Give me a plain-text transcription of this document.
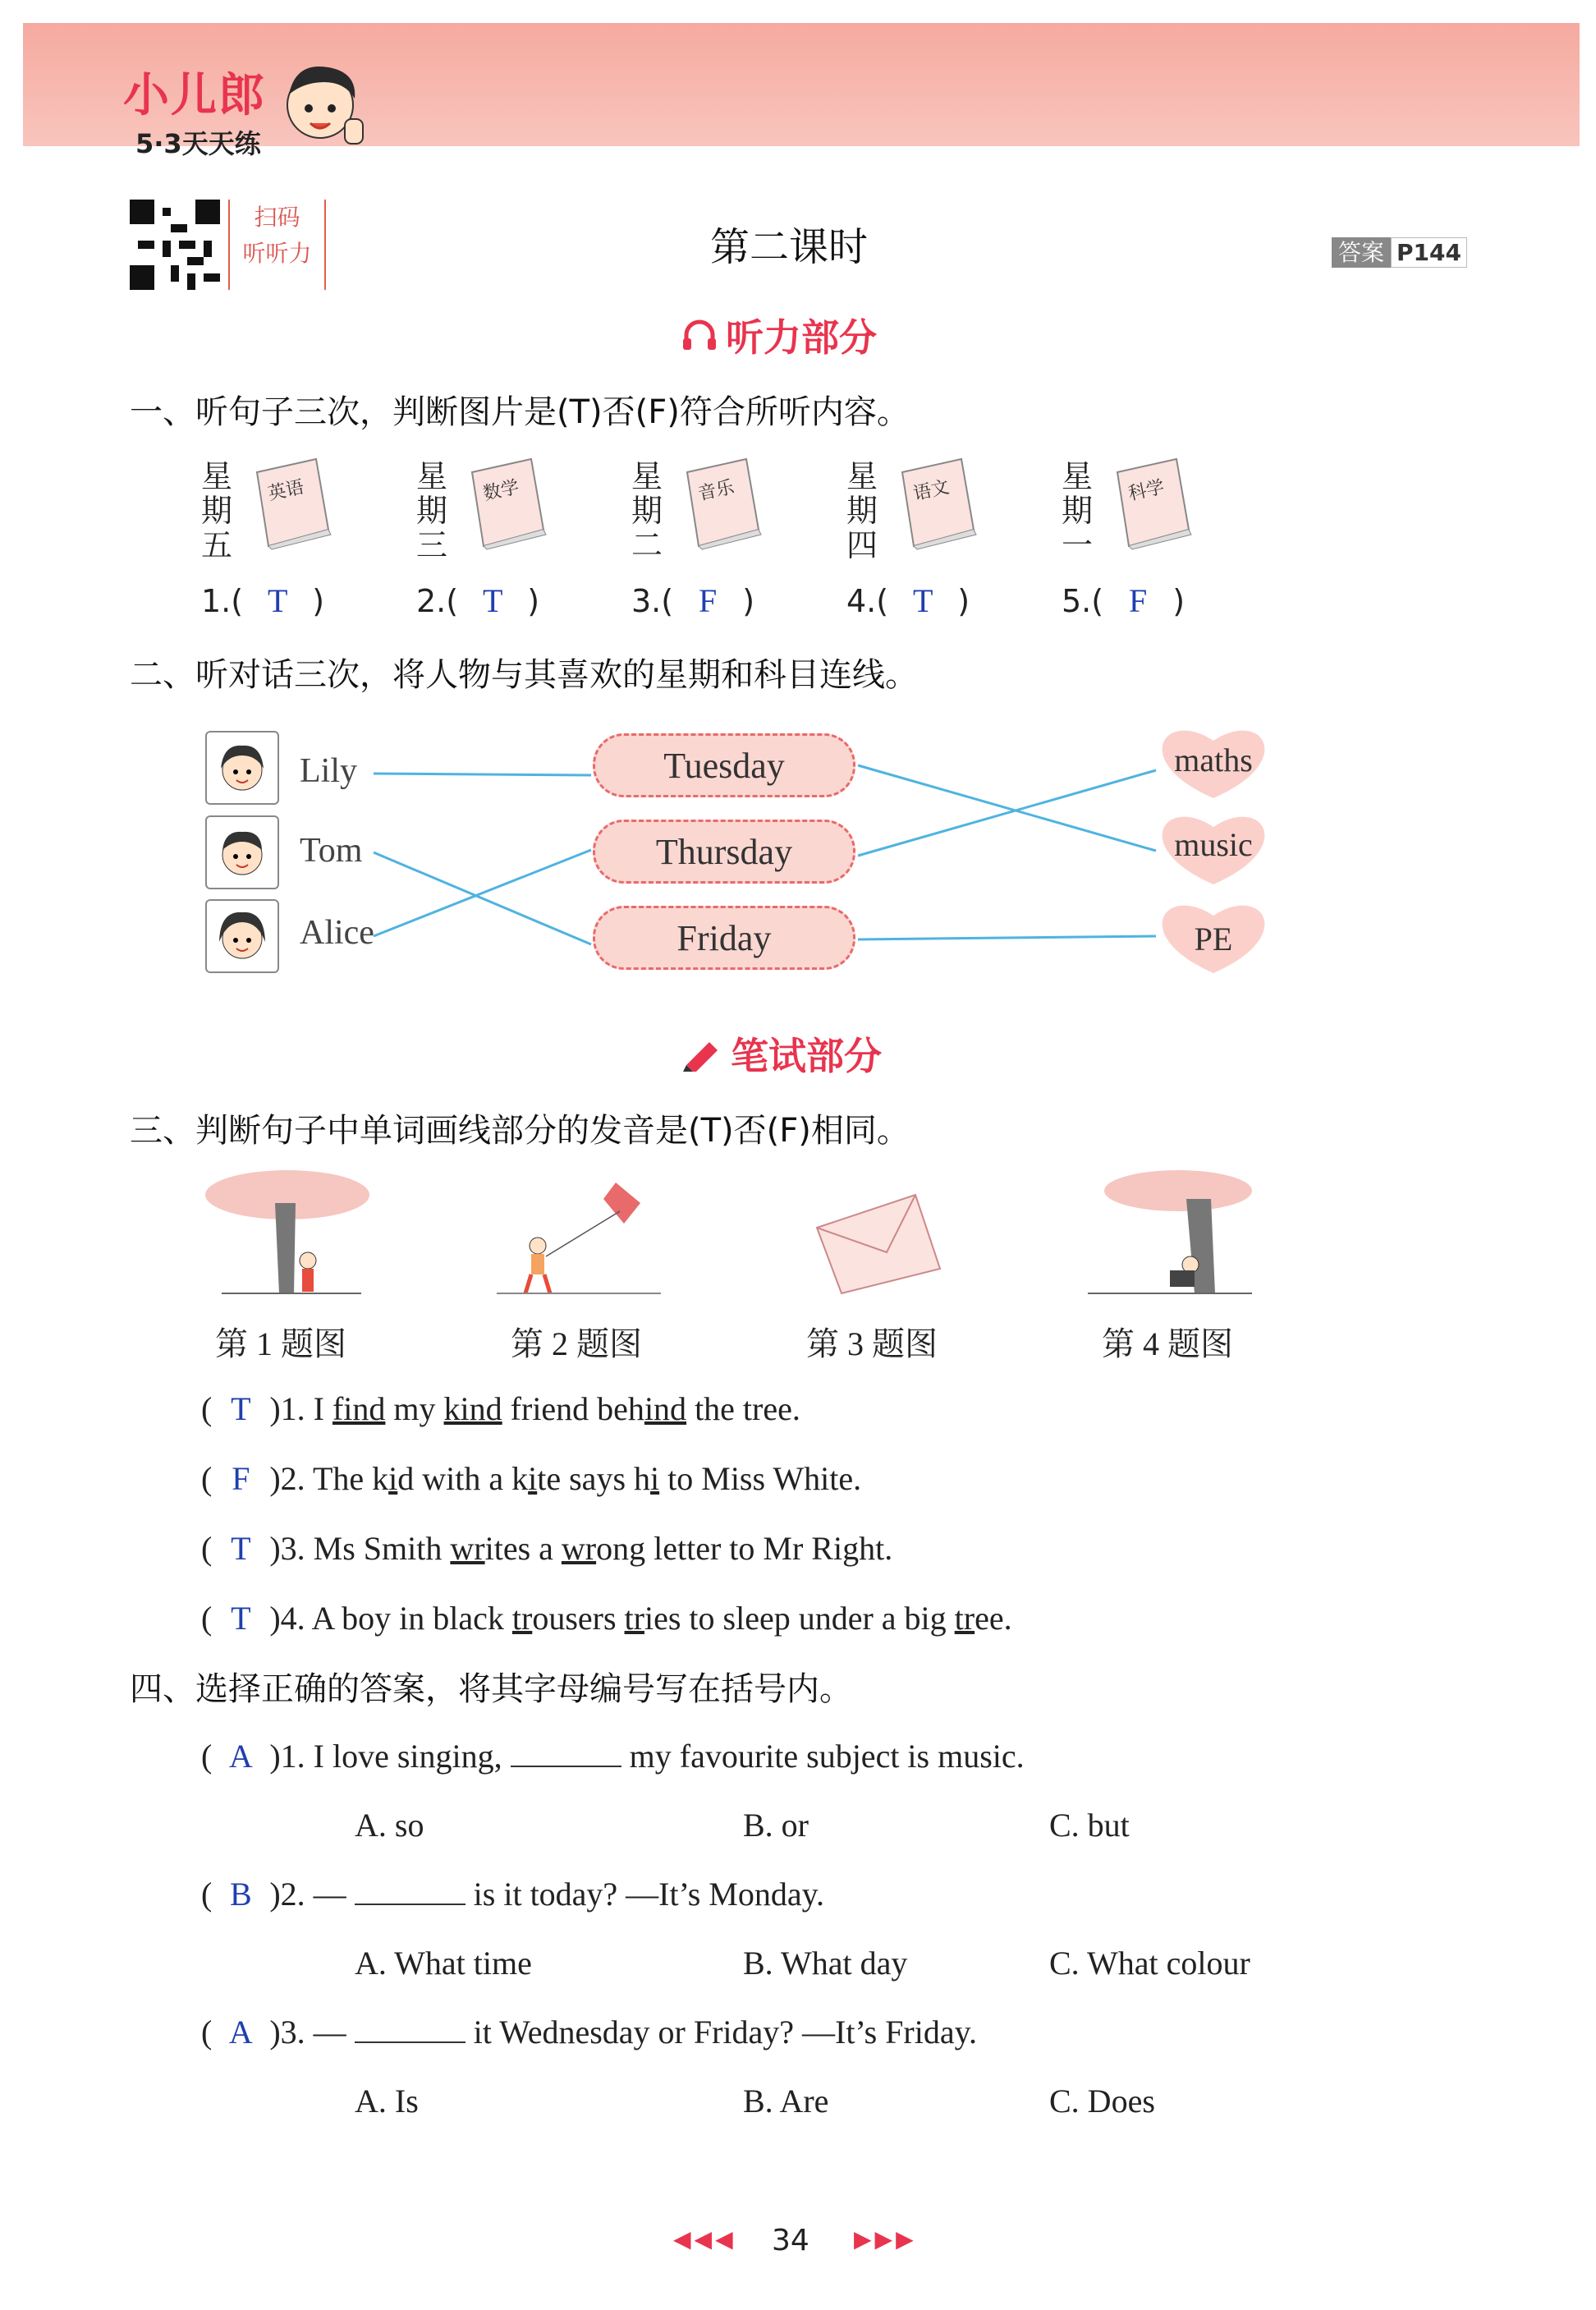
小儿郎
5·3天天练
扫码
听听力	第二课时	答案 P144
听力部分
一、听句子三次，判断图片是(T)否(F)符合所听内容。
星
期
五
英语
1.( T )
星
期
三
数学
2.( T )
星
期
二
音乐
3.( F )
星
期
四
语文
4.( T )
星
期
一
科学
5.( F )
二、听对话三次，将人物与其喜欢的星期和科目连线。
Lily
Tom
Alice
Tuesday
Thursday
Friday
maths
music
PE
笔试部分
三、判断句子中单词画线部分的发音是(T)否(F)相同。
第 1 题图	第 2 题图	第 3 题图	第 4 题图
( T )1. I find my kind friend behind the tree.
( F )2. The kid with a kite says hi to Miss White.
( T )3. Ms Smith writes a wrong letter to Mr Right.
( T )4. A boy in black trousers tries to sleep under a big tree.
四、选择正确的答案，将其字母编号写在括号内。
( A )1. I love singing,	my favourite subject is music.
A. so	B. or	C. but
( B )2. —	is it today? —It’s Monday.
A. What time	B. What day	C. What colour
( A )3. —	it Wednesday or Friday? —It’s Friday.
A. Is	B. Are	C. Does
◀◀◀ 34 ▶▶▶
